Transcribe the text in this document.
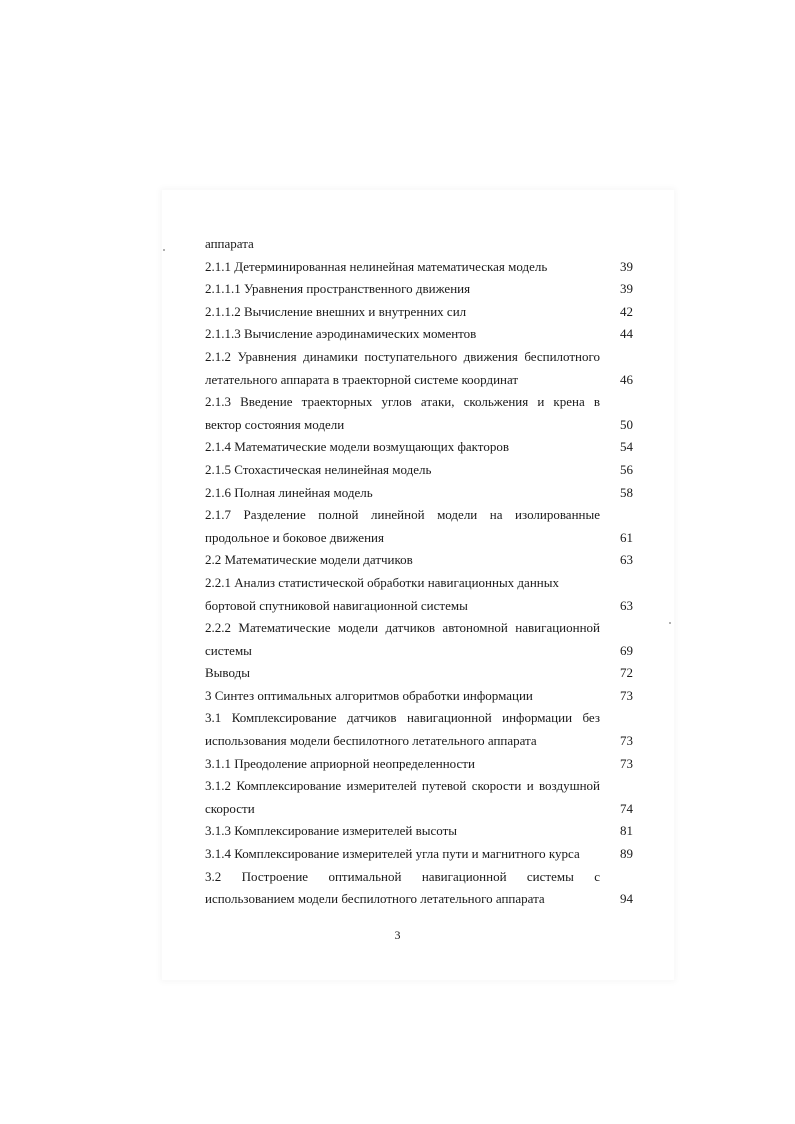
аппарата
2.1.1 Детерминированная нелинейная математическая модель	39
2.1.1.1 Уравнения пространственного движения	39
2.1.1.2 Вычисление внешних и внутренних сил	42
2.1.1.3 Вычисление аэродинамических моментов	44
2.1.2 Уравнения динамики поступательного движения беспилотного
летательного аппарата в траекторной системе координат	46
2.1.3 Введение траекторных углов атаки, скольжения и крена в
вектор состояния модели	50
2.1.4 Математические модели возмущающих факторов	54
2.1.5 Стохастическая нелинейная модель	56
2.1.6 Полная линейная модель	58
2.1.7 Разделение полной линейной модели на изолированные
продольное и боковое движения	61
2.2 Математические модели датчиков	63
2.2.1 Анализ статистической обработки навигационных данных
бортовой спутниковой навигационной системы	63
2.2.2 Математические модели датчиков автономной навигационной
системы	69
Выводы	72
3 Синтез оптимальных алгоритмов обработки информации	73
3.1 Комплексирование датчиков навигационной информации без
использования модели беспилотного летательного аппарата	73
3.1.1 Преодоление априорной неопределенности	73
3.1.2 Комплексирование измерителей путевой скорости и воздушной
скорости	74
3.1.3 Комплексирование измерителей высоты	81
3.1.4 Комплексирование измерителей угла пути и магнитного курса	89
3.2 Построение оптимальной навигационной системы с
использованием модели беспилотного летательного аппарата	94
3
